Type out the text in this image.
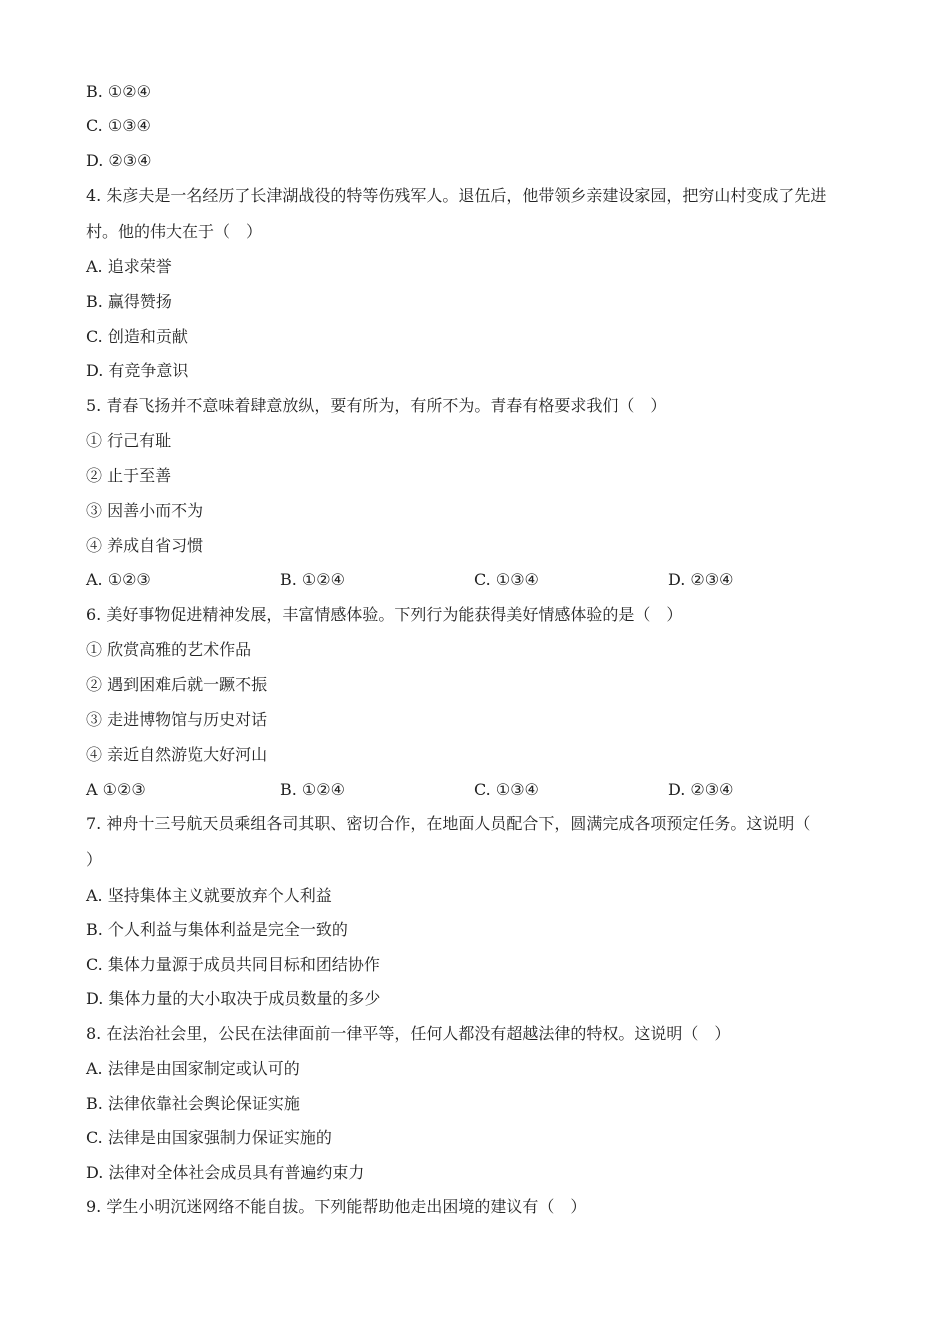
B. ①②④
C. ①③④
D. ②③④
4. 朱彦夫是一名经历了长津湖战役的特等伤残军人。退伍后，他带领乡亲建设家园，把穷山村变成了先进
村。他的伟大在于（　）
A. 追求荣誉
B. 赢得赞扬
C. 创造和贡献
D. 有竞争意识
5. 青春飞扬并不意味着肆意放纵，要有所为，有所不为。青春有格要求我们（　）
① 行己有耻
② 止于至善
③ 因善小而不为
④ 养成自省习惯
A. ①②③	B. ①②④	C. ①③④	D. ②③④
6. 美好事物促进精神发展，丰富情感体验。下列行为能获得美好情感体验的是（　）
① 欣赏高雅的艺术作品
② 遇到困难后就一蹶不振
③ 走进博物馆与历史对话
④ 亲近自然游览大好河山
A ①②③	B. ①②④	C. ①③④	D. ②③④
7. 神舟十三号航天员乘组各司其职、密切合作，在地面人员配合下，圆满完成各项预定任务。这说明（
）
A. 坚持集体主义就要放弃个人利益
B. 个人利益与集体利益是完全一致的
C. 集体力量源于成员共同目标和团结协作
D. 集体力量的大小取决于成员数量的多少
8. 在法治社会里，公民在法律面前一律平等，任何人都没有超越法律的特权。这说明（　）
A. 法律是由国家制定或认可的
B. 法律依靠社会舆论保证实施
C. 法律是由国家强制力保证实施的
D. 法律对全体社会成员具有普遍约束力
9. 学生小明沉迷网络不能自拔。下列能帮助他走出困境的建议有（　）
